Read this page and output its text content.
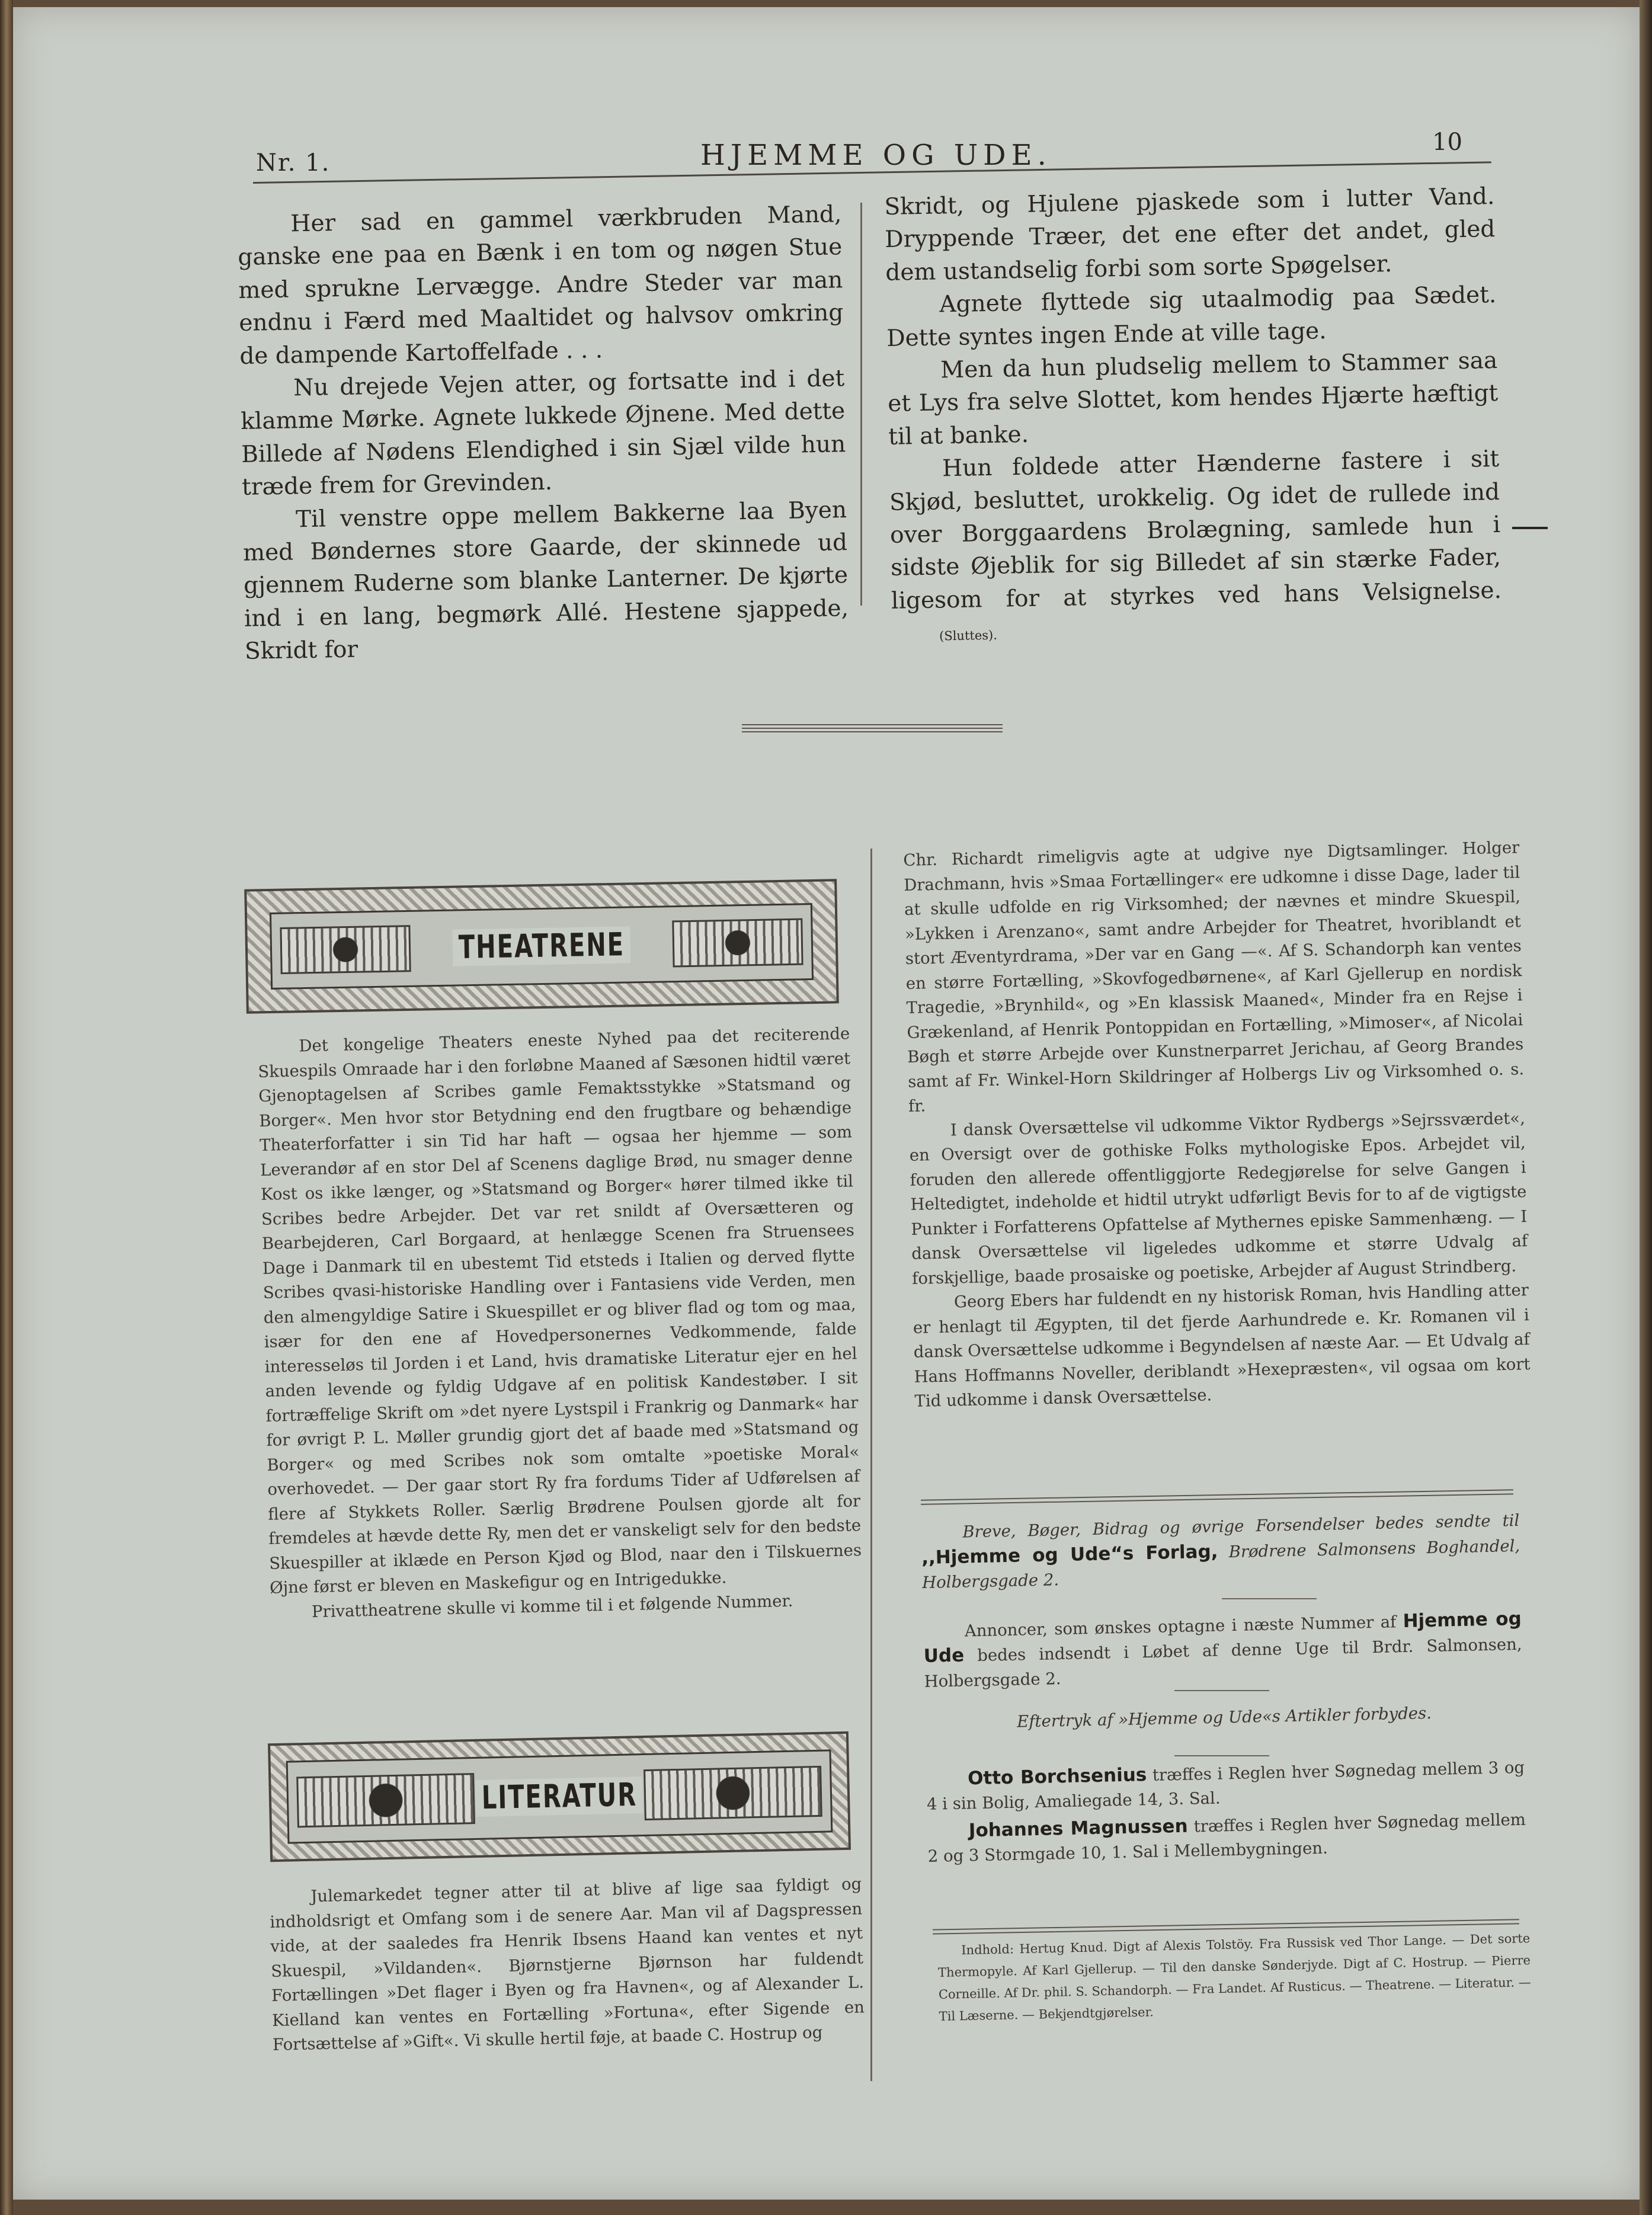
Nr. 1.	HJEMME OG UDE.	10

Her sad en gammel værkbruden Mand, ganske ene paa en Bænk i en tom og nøgen Stue med sprukne Lervægge. Andre Steder var man endnu i Færd med Maaltidet og halvsov omkring de dampende Kartoffelfade . . .

Nu drejede Vejen atter, og fortsatte ind i det klamme Mørke. Agnete lukkede Øjnene. Med dette Billede af Nødens Elendighed i sin Sjæl vilde hun træde frem for Grevinden.

Til venstre oppe mellem Bakkerne laa Byen med Bøndernes store Gaarde, der skinnede ud gjennem Ruderne som blanke Lanterner. De kjørte ind i en lang, begmørk Allé. Hestene sjappede, Skridt for

Skridt, og Hjulene pjaskede som i lutter Vand. Dryppende Træer, det ene efter det andet, gled dem ustandselig forbi som sorte Spøgelser.

Agnete flyttede sig utaalmodig paa Sædet. Dette syntes ingen Ende at ville tage.

Men da hun pludselig mellem to Stammer saa et Lys fra selve Slottet, kom hendes Hjærte hæftigt til at banke.

Hun foldede atter Hænderne fastere i sit Skjød, besluttet, urokkelig. Og idet de rullede ind over Borggaardens Brolægning, samlede hun i sidste Øjeblik for sig Billedet af sin stærke Fader, ligesom for at styrkes ved hans Velsignelse.(Sluttes).

THEATRENE

Det kongelige Theaters eneste Nyhed paa det reciterende Skuespils Omraade har i den forløbne Maaned af Sæsonen hidtil været Gjenoptagelsen af Scribes gamle Femaktsstykke »Statsmand og Borger«. Men hvor stor Betydning end den frugtbare og behændige Theaterforfatter i sin Tid har haft — ogsaa her hjemme — som Leverandør af en stor Del af Scenens daglige Brød, nu smager denne Kost os ikke længer, og »Statsmand og Borger« hører tilmed ikke til Scribes bedre Arbejder. Det var ret snildt af Oversætteren og Bearbejderen, Carl Borgaard, at henlægge Scenen fra Struensees Dage i Danmark til en ubestemt Tid etsteds i Italien og derved flytte Scribes qvasi-historiske Handling over i Fantasiens vide Verden, men den almengyldige Satire i Skuespillet er og bliver flad og tom og maa, især for den ene af Hovedpersonernes Vedkommende, falde interesseløs til Jorden i et Land, hvis dramatiske Literatur ejer en hel anden levende og fyldig Udgave af en politisk Kandestøber. I sit fortræffelige Skrift om »det nyere Lystspil i Frankrig og Danmark« har for øvrigt P. L. Møller grundig gjort det af baade med »Statsmand og Borger« og med Scribes nok som omtalte »poetiske Moral« overhovedet. — Der gaar stort Ry fra fordums Tider af Udførelsen af flere af Stykkets Roller. Særlig Brødrene Poulsen gjorde alt for fremdeles at hævde dette Ry, men det er vanskeligt selv for den bedste Skuespiller at iklæde en Person Kjød og Blod, naar den i Tilskuernes Øjne først er bleven en Maskefigur og en Intrigedukke.

Privattheatrene skulle vi komme til i et følgende Nummer.

LITERATUR

Julemarkedet tegner atter til at blive af lige saa fyldigt og indholdsrigt et Omfang som i de senere Aar. Man vil af Dagspressen vide, at der saaledes fra Henrik Ibsens Haand kan ventes et nyt Skuespil, »Vildanden«. Bjørnstjerne Bjørnson har fuldendt Fortællingen »Det flager i Byen og fra Havnen«, og af Alexander L. Kielland kan ventes en Fortælling »Fortuna«, efter Sigende en Fortsættelse af »Gift«. Vi skulle hertil føje, at baade C. Hostrup og

Chr. Richardt rimeligvis agte at udgive nye Digtsamlinger. Holger Drachmann, hvis »Smaa Fortællinger« ere udkomne i disse Dage, lader til at skulle udfolde en rig Virksomhed; der nævnes et mindre Skuespil, »Lykken i Arenzano«, samt andre Arbejder for Theatret, hvoriblandt et stort Æventyrdrama, »Der var en Gang —«. Af S. Schandorph kan ventes en større Fortælling, »Skovfogedbørnene«, af Karl Gjellerup en nordisk Tragedie, »Brynhild«, og »En klassisk Maaned«, Minder fra en Rejse i Grækenland, af Henrik Pontoppidan en Fortælling, »Mimoser«, af Nicolai Bøgh et større Arbejde over Kunstnerparret Jerichau, af Georg Brandes samt af Fr. Winkel-Horn Skildringer af Holbergs Liv og Virksomhed o. s. fr.

I dansk Oversættelse vil udkomme Viktor Rydbergs »Sejrssværdet«, en Oversigt over de gothiske Folks mythologiske Epos. Arbejdet vil, foruden den allerede offentliggjorte Redegjørelse for selve Gangen i Heltedigtet, indeholde et hidtil utrykt udførligt Bevis for to af de vigtigste Punkter i Forfatterens Opfattelse af Mythernes episke Sammenhæng. — I dansk Oversættelse vil ligeledes udkomme et større Udvalg af forskjellige, baade prosaiske og poetiske, Arbejder af August Strindberg.

Georg Ebers har fuldendt en ny historisk Roman, hvis Handling atter er henlagt til Ægypten, til det fjerde Aarhundrede e. Kr. Romanen vil i dansk Oversættelse udkomme i Begyndelsen af næste Aar. — Et Udvalg af Hans Hoffmanns Noveller, deriblandt »Hexepræsten«, vil ogsaa om kort Tid udkomme i dansk Oversættelse.

Breve, Bøger, Bidrag og øvrige Forsendelser bedes sendte til ,,Hjemme og Ude“s Forlag, Brødrene Salmonsens Boghandel, Holbergsgade 2.

Annoncer, som ønskes optagne i næste Nummer af Hjemme og Ude bedes indsendt i Løbet af denne Uge til Brdr. Salmonsen, Holbergsgade 2.

Eftertryk af »Hjemme og Ude«s Artikler forbydes.

Otto Borchsenius træffes i Reglen hver Søgnedag mellem 3 og 4 i sin Bolig, Amaliegade 14, 3. Sal.

Johannes Magnussen træffes i Reglen hver Søgnedag mellem 2 og 3 Stormgade 10, 1. Sal i Mellembygningen.

Indhold: Hertug Knud. Digt af Alexis Tolstöy. Fra Russisk ved Thor Lange. — Det sorte Thermopyle. Af Karl Gjellerup. — Til den danske Sønderjyde. Digt af C. Hostrup. — Pierre Corneille. Af Dr. phil. S. Schandorph. — Fra Landet. Af Rusticus. — Theatrene. — Literatur. — Til Læserne. — Bekjendtgjørelser.
